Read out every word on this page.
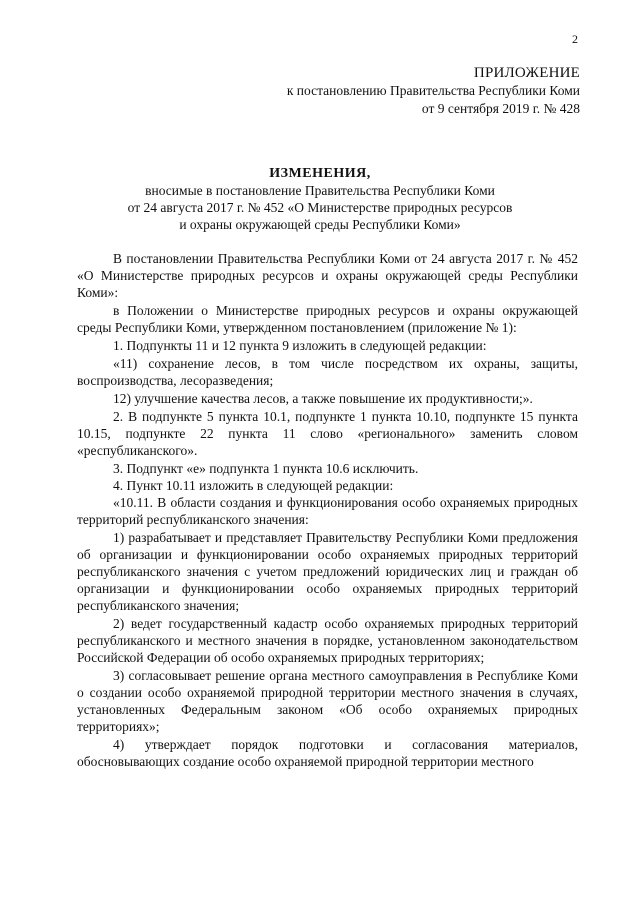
2
ПРИЛОЖЕНИЕ
к постановлению Правительства Республики Коми
от 9 сентября 2019 г. № 428
ИЗМЕНЕНИЯ,
вносимые в постановление Правительства Республики Коми
от 24 августа 2017 г. № 452 «О Министерстве природных ресурсов
и охраны окружающей среды Республики Коми»

В постановлении Правительства Республики Коми от 24 августа 2017 г. № 452 «О Министерстве природных ресурсов и охраны окружающей среды Республики Коми»:

в Положении о Министерстве природных ресурсов и охраны окружающей среды Республики Коми, утвержденном постановлением (приложение № 1):

1. Подпункты 11 и 12 пункта 9 изложить в следующей редакции:

«11) сохранение лесов, в том числе посредством их охраны, защиты, воспроизводства, лесоразведения;

12) улучшение качества лесов, а также повышение их продуктивности;».

2. В подпункте 5 пункта 10.1, подпункте 1 пункта 10.10, подпункте 15 пункта 10.15, подпункте 22 пункта 11 слово «регионального» заменить словом «республиканского».

3. Подпункт «е» подпункта 1 пункта 10.6 исключить.

4. Пункт 10.11 изложить в следующей редакции:

«10.11. В области создания и функционирования особо охраняемых природных территорий республиканского значения:

1) разрабатывает и представляет Правительству Республики Коми предложения об организации и функционировании особо охраняемых природных территорий республиканского значения с учетом предложений юридических лиц и граждан об организации и функционировании особо охраняемых природных территорий республиканского значения;

2) ведет государственный кадастр особо охраняемых природных территорий республиканского и местного значения в порядке, установленном законодательством Российской Федерации об особо охраняемых природных территориях;

3) согласовывает решение органа местного самоуправления в Республике Коми о создании особо охраняемой природной территории местного значения в случаях, установленных Федеральным законом «Об особо охраняемых природных территориях»;

4) утверждает порядок подготовки и согласования материалов, обосновывающих создание особо охраняемой природной территории местного
